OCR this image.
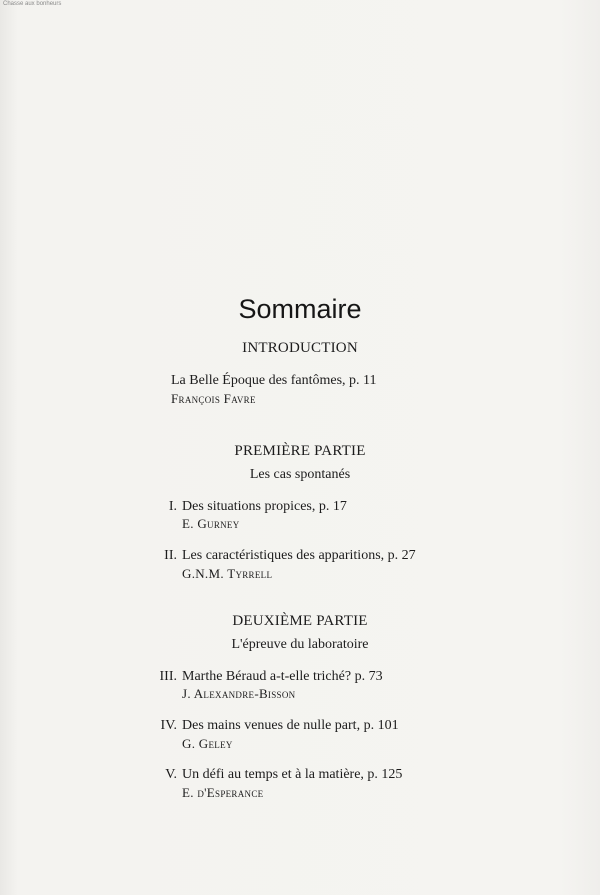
Chasse aux bonheurs
Sommaire
INTRODUCTION
La Belle Époque des fantômes, p. 11
François Favre
PREMIÈRE PARTIE
Les cas spontanés
I. Des situations propices, p. 17
E. Gurney
II. Les caractéristiques des apparitions, p. 27
G.N.M. Tyrrell
DEUXIÈME PARTIE
L'épreuve du laboratoire
III. Marthe Béraud a-t-elle triché? p. 73
J. Alexandre-Bisson
IV. Des mains venues de nulle part, p. 101
G. Geley
V. Un défi au temps et à la matière, p. 125
E. d'Esperance
